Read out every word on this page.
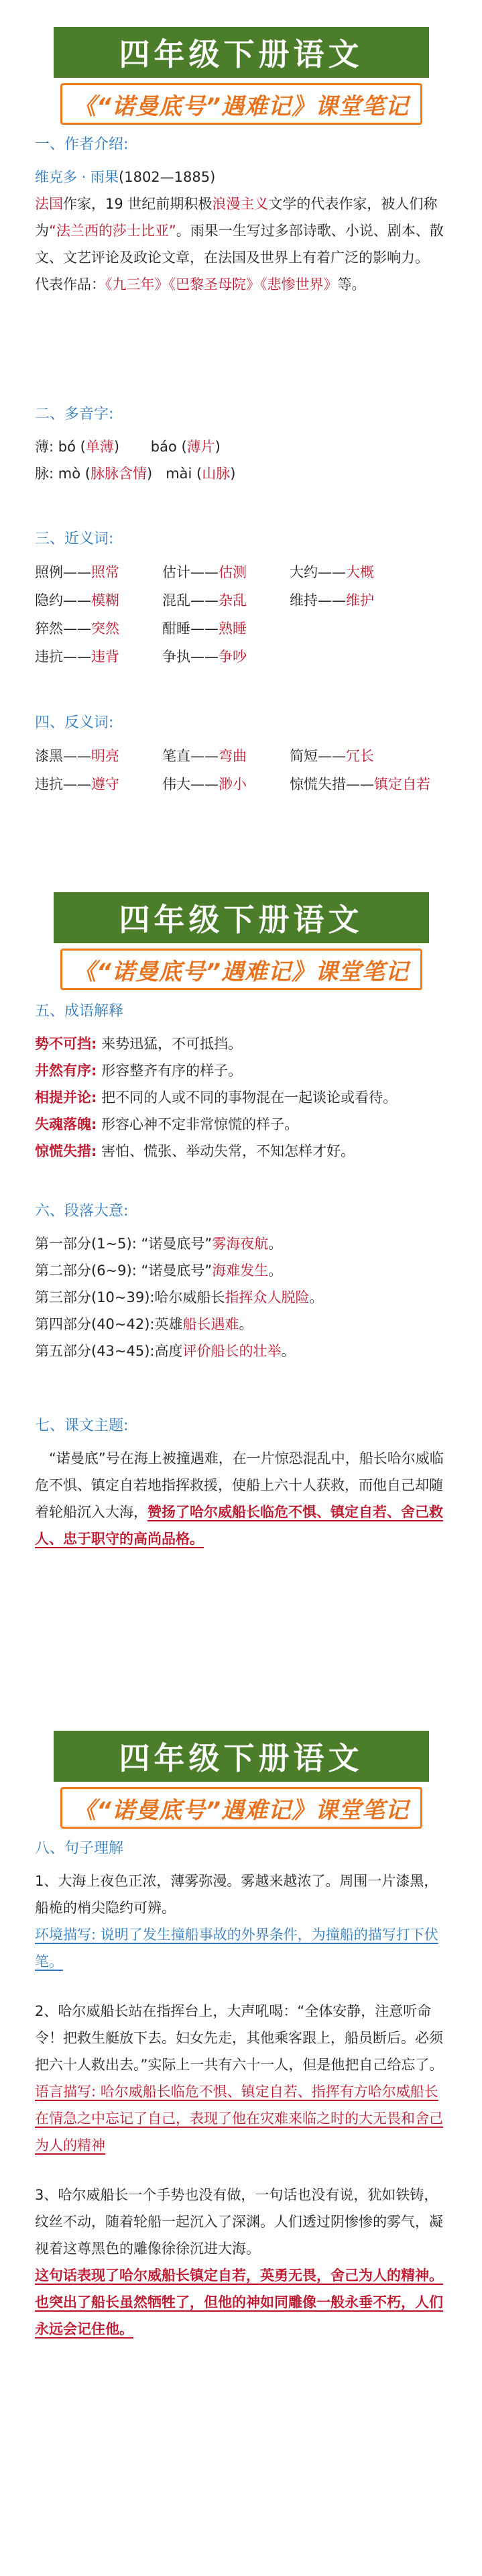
四年级下册语文
《“诺曼底号”遇难记》课堂笔记
一、作者介绍:

维克多 · 雨果(1802—1885)

法国作家，19 世纪前期积极浪漫主义文学的代表作家，被人们称为“法兰西的莎士比亚”。雨果一生写过多部诗歌、小说、剧本、散文、文艺评论及政论文章，在法国及世界上有着广泛的影响力。

代表作品：《九三年》《巴黎圣母院》《悲惨世界》等。

二、多音字:

薄: bó (单薄) báo (薄片)

脉: mò (脉脉含情) mài (山脉)

三、近义词:
照例——照常	估计——估测	大约——大概
隐约——模糊	混乱——杂乱	维持——维护
猝然——突然	酣睡——熟睡
违抗——违背	争执——争吵
四、反义词:
漆黑——明亮	笔直——弯曲	简短——冗长
违抗——遵守	伟大——渺小	惊慌失措——镇定自若
四年级下册语文
《“诺曼底号”遇难记》课堂笔记
五、成语解释

势不可挡: 来势迅猛，不可抵挡。

井然有序: 形容整齐有序的样子。

相提并论: 把不同的人或不同的事物混在一起谈论或看待。

失魂落魄: 形容心神不定非常惊慌的样子。

惊慌失措: 害怕、慌张、举动失常，不知怎样才好。

六、段落大意:

第一部分(1~5): “诺曼底号”雾海夜航。

第二部分(6~9): “诺曼底号”海难发生。

第三部分(10~39):哈尔威船长指挥众人脱险。

第四部分(40~42):英雄船长遇难。

第五部分(43~45):高度评价船长的壮举。

七、课文主题:

“诺曼底”号在海上被撞遇难，在一片惊恐混乱中，船长哈尔威临危不惧、镇定自若地指挥救援，使船上六十人获救，而他自己却随着轮船沉入大海，赞扬了哈尔威船长临危不惧、镇定自若、舍己救人、忠于职守的高尚品格。

四年级下册语文
《“诺曼底号”遇难记》课堂笔记
八、句子理解

1、大海上夜色正浓，薄雾弥漫。雾越来越浓了。周围一片漆黑，船桅的梢尖隐约可辨。

环境描写: 说明了发生撞船事故的外界条件，为撞船的描写打下伏笔。

2、哈尔威船长站在指挥台上，大声吼喝：“全体安静，注意听命令！把救生艇放下去。妇女先走，其他乘客跟上，船员断后。必须把六十人救出去。”实际上一共有六十一人，但是他把自己给忘了。

语言描写: 哈尔威船长临危不惧、镇定自若、指挥有方哈尔威船长在情急之中忘记了自己，表现了他在灾难来临之时的大无畏和舍己为人的精神

3、哈尔威船长一个手势也没有做，一句话也没有说，犹如铁铸，纹丝不动，随着轮船一起沉入了深渊。人们透过阴惨惨的雾气，凝视着这尊黑色的雕像徐徐沉进大海。

这句话表现了哈尔威船长镇定自若，英勇无畏，舍己为人的精神。也突出了船长虽然牺牲了，但他的神如同雕像一般永垂不朽，人们永远会记住他。
